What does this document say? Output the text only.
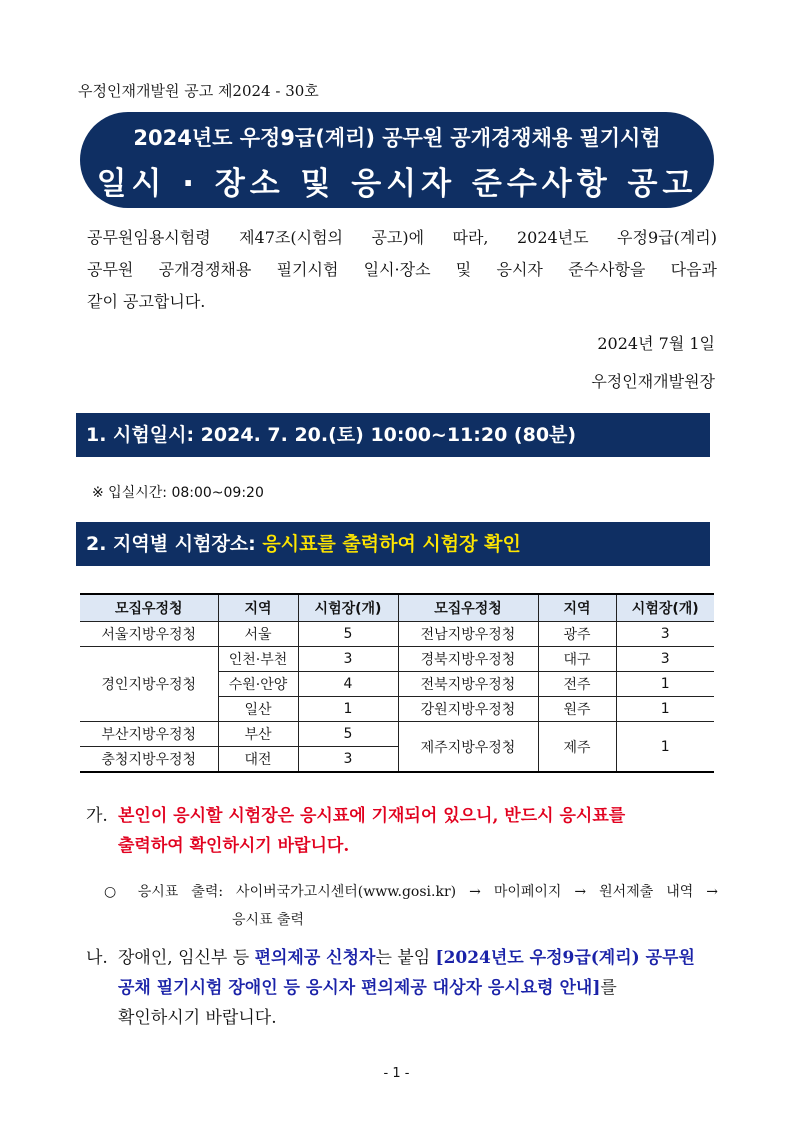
우정인재개발원 공고 제2024 - 30호
2024년도 우정9급(계리) 공무원 공개경쟁채용 필기시험
일시 · 장소 및 응시자 준수사항 공고
공무원임용시험령 제47조(시험의 공고)에 따라, 2024년도 우정9급(계리)
공무원 공개경쟁채용 필기시험 일시·장소 및 응시자 준수사항을 다음과
같이 공고합니다.
2024년 7월 1일
우정인재개발원장
1. 시험일시: 2024. 7. 20.(토) 10:00~11:20 (80분)
※ 입실시간: 08:00~09:20
2. 지역별 시험장소: 응시표를 출력하여 시험장 확인
모집우정청	지역	시험장(개)	모집우정청	지역	시험장(개)
서울지방우정청	서울	5	전남지방우정청	광주	3
경인지방우정청	인천·부천	3	경북지방우정청	대구	3
	수원·안양	4	전북지방우정청	전주	1
	일산	1	강원지방우정청	원주	1
부산지방우정청	부산	5	제주지방우정청	제주	1
충청지방우정청	대전	3			
가. 본인이 응시할 시험장은 응시표에 기재되어 있으니, 반드시 응시표를
출력하여 확인하시기 바랍니다.
○ 응시표 출력: 사이버국가고시센터(www.gosi.kr) → 마이페이지 → 원서제출 내역 →
응시표 출력
나. 장애인, 임신부 등 편의제공 신청자는 붙임 [2024년도 우정9급(계리) 공무원 공채 필기시험 장애인 등 응시자 편의제공 대상자 응시요령 안내]를
확인하시기 바랍니다.
- 1 -
